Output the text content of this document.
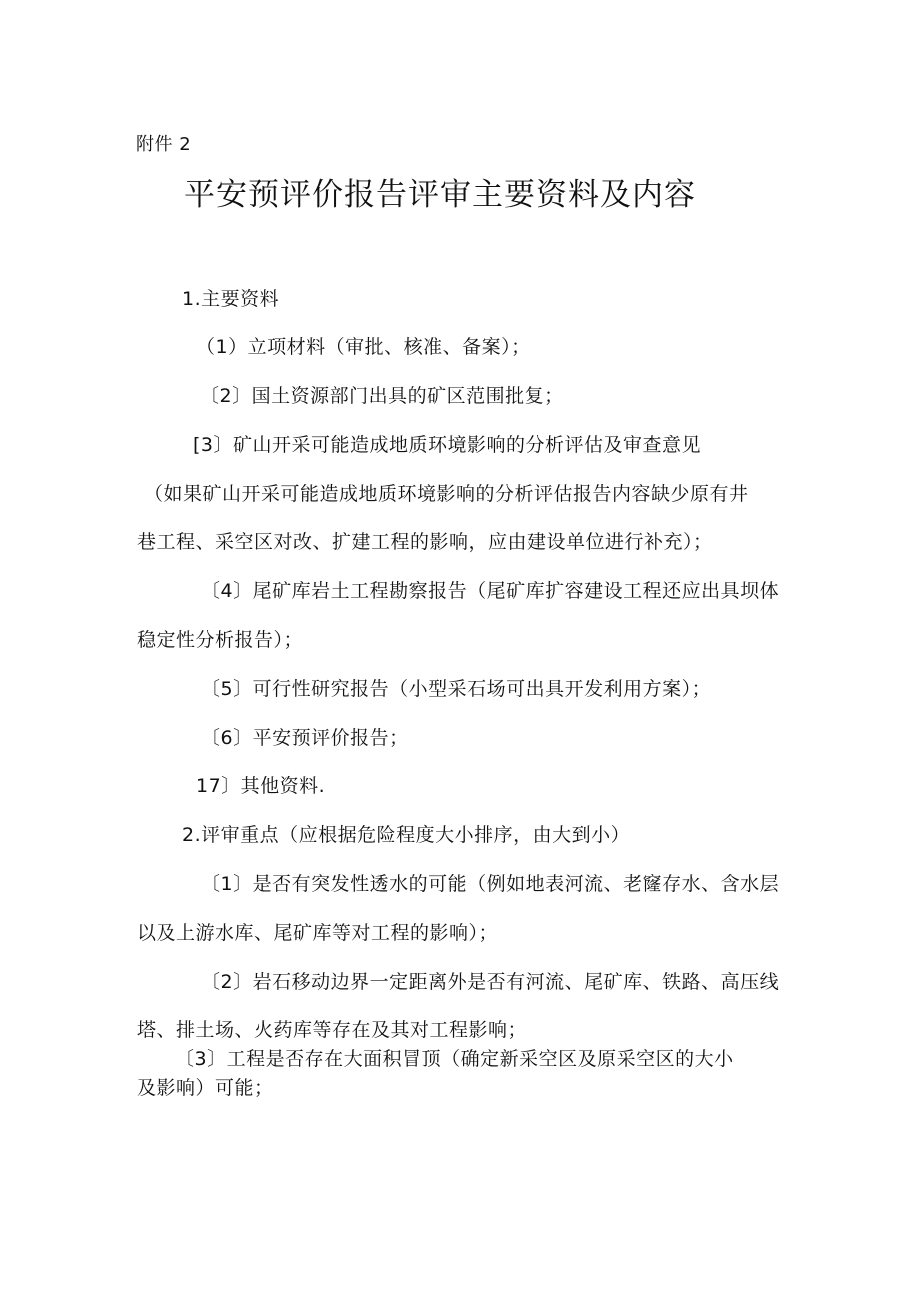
附件 2
平安预评价报告评审主要资料及内容
1.主要资料
（1）立项材料（审批、核准、备案）；
〔2〕国土资源部门出具的矿区范围批复；
[3〕矿山开采可能造成地质环境影响的分析评估及审查意见
（如果矿山开采可能造成地质环境影响的分析评估报告内容缺少原有井
巷工程、采空区对改、扩建工程的影响，应由建设单位进行补充）；
〔4〕尾矿库岩土工程勘察报告（尾矿库扩容建设工程还应出具坝体
稳定性分析报告）；
〔5〕可行性研究报告（小型采石场可出具开发利用方案）；
〔6〕平安预评价报告；
17〕其他资料.
2.评审重点（应根据危险程度大小排序，由大到小）
〔1〕是否有突发性透水的可能（例如地表河流、老窿存水、含水层
以及上游水库、尾矿库等对工程的影响）；
〔2〕岩石移动边界一定距离外是否有河流、尾矿库、铁路、高压线
塔、排土场、火药库等存在及其对工程影响；
〔3〕工程是否存在大面积冒顶（确定新采空区及原采空区的大小
及影响）可能；
